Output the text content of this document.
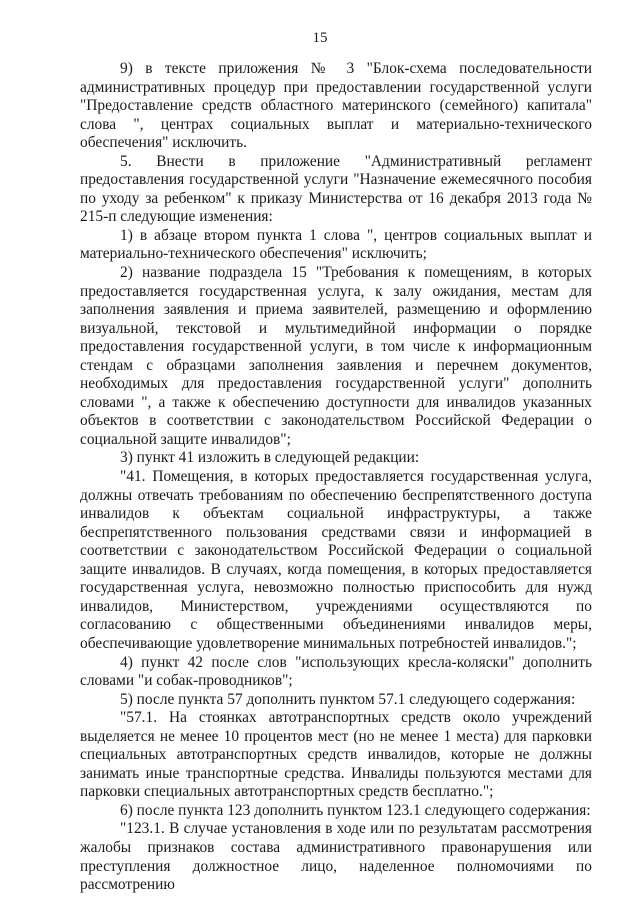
15

9) в тексте приложения № 3 "Блок-схема последовательности административных процедур при предоставлении государственной услуги "Предоставление средств областного материнского (семейного) капитала" слова ", центрах социальных выплат и материально-технического обеспечения" исключить.

5. Внести в приложение "Административный регламент предоставления государственной услуги "Назначение ежемесячного пособия по уходу за ребенком" к приказу Министерства от 16 декабря 2013 года № 215-п следующие изменения:

1) в абзаце втором пункта 1 слова ", центров социальных выплат и материально-технического обеспечения" исключить;

2) название подраздела 15 "Требования к помещениям, в которых предоставляется государственная услуга, к залу ожидания, местам для заполнения заявления и приема заявителей, размещению и оформлению визуальной, текстовой и мультимедийной информации о порядке предоставления государственной услуги, в том числе к информационным стендам с образцами заполнения заявления и перечнем документов, необходимых для предоставления государственной услуги" дополнить словами ", а также к обеспечению доступности для инвалидов указанных объектов в соответствии с законодательством Российской Федерации о социальной защите инвалидов";

3) пункт 41 изложить в следующей редакции:

"41. Помещения, в которых предоставляется государственная услуга, должны отвечать требованиям по обеспечению беспрепятственного доступа инвалидов к объектам социальной инфраструктуры, а также беспрепятственного пользования средствами связи и информацией в соответствии с законодательством Российской Федерации о социальной защите инвалидов. В случаях, когда помещения, в которых предоставляется государственная услуга, невозможно полностью приспособить для нужд инвалидов, Министерством, учреждениями осуществляются по согласованию с общественными объединениями инвалидов меры, обеспечивающие удовлетворение минимальных потребностей инвалидов.";

4) пункт 42 после слов "использующих кресла-коляски" дополнить словами "и собак-проводников";

5) после пункта 57 дополнить пунктом 57.1 следующего содержания:

"57.1. На стоянках автотранспортных средств около учреждений выделяется не менее 10 процентов мест (но не менее 1 места) для парковки специальных автотранспортных средств инвалидов, которые не должны занимать иные транспортные средства. Инвалиды пользуются местами для парковки специальных автотранспортных средств бесплатно.";

6) после пункта 123 дополнить пунктом 123.1 следующего содержания:

"123.1. В случае установления в ходе или по результатам рассмотрения жалобы признаков состава административного правонарушения или преступления должностное лицо, наделенное полномочиями по рассмотрению
